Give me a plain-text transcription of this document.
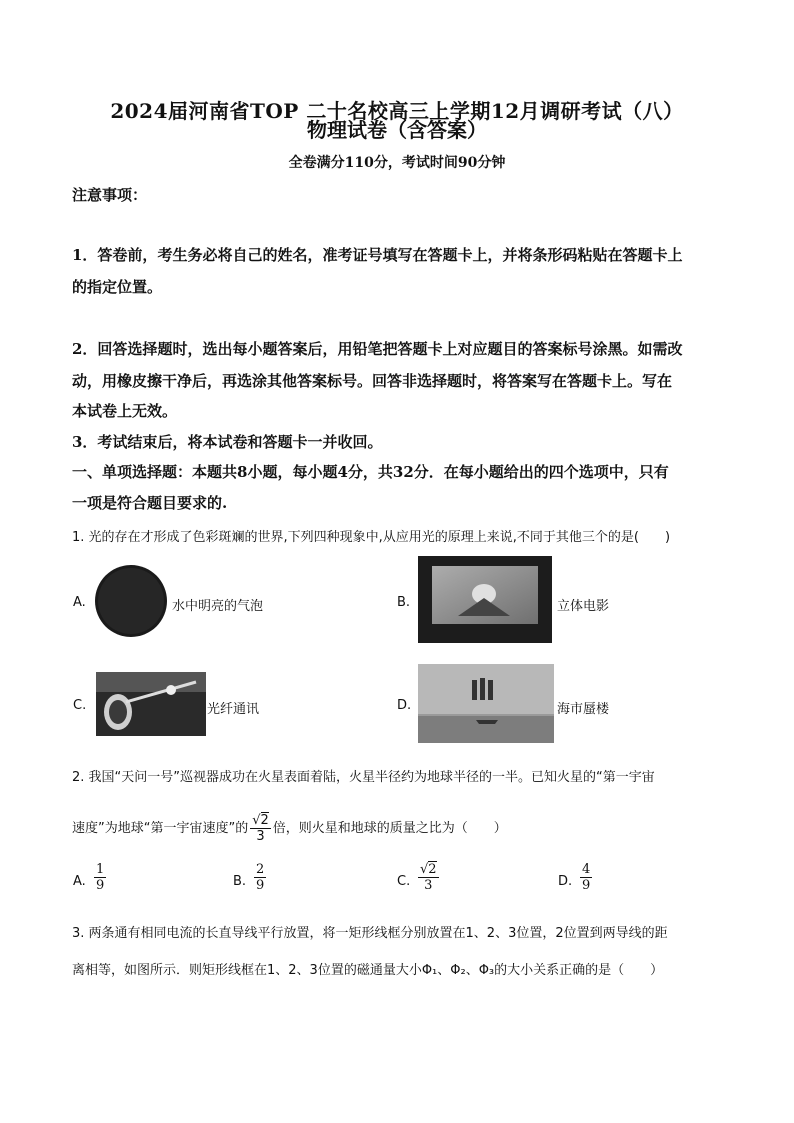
2024届河南省TOP 二十名校高三上学期12月调研考试（八）
物理试卷（含答案）
全卷满分110分，考试时间90分钟
注意事项：
1．答卷前，考生务必将自己的姓名，准考证号填写在答题卡上，并将条形码粘贴在答题卡上
的指定位置。
2．回答选择题时，选出每小题答案后，用铅笔把答题卡上对应题目的答案标号涂黑。如需改
动，用橡皮擦干净后，再选涂其他答案标号。回答非选择题时，将答案写在答题卡上。写在
本试卷上无效。
3．考试结束后，将本试卷和答题卡一并收回。
一、单项选择题：本题共8小题，每小题4分，共32分．在每小题给出的四个选项中，只有
一项是符合题目要求的.
1. 光的存在才形成了色彩斑斓的世界,下列四种现象中,从应用光的原理上来说,不同于其他三个的是(　　)
A.	水中明亮的气泡	B.	立体电影
C.	光纤通讯	D.	海市蜃楼
2. 我国“天问一号”巡视器成功在火星表面着陆，火星半径约为地球半径的一半。已知火星的“第一宇宙
速度”为地球“第一宇宙速度”的 $\frac{√2}{3}$ 倍，则火星和地球的质量之比为（　　）
A. $\frac{1}{9}$	B. $\frac{2}{9}$	C. $\frac{√2}{3}$	D. $\frac{4}{9}$
3. 两条通有相同电流的长直导线平行放置，将一矩形线框分别放置在1、2、3位置，2位置到两导线的距
离相等，如图所示．则矩形线框在1、2、3位置的磁通量大小Φ₁、Φ₂、Φ₃的大小关系正确的是（　　）
